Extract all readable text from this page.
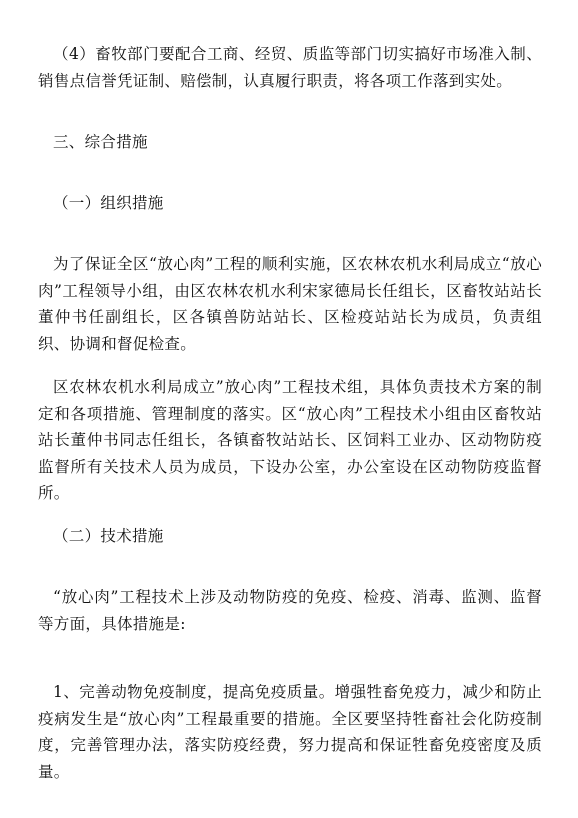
（4）畜牧部门要配合工商、经贸、质监等部门切实搞好市场准入制、销售点信誉凭证制、赔偿制，认真履行职责，将各项工作落到实处。

三、综合措施

（一）组织措施

为了保证全区“放心肉”工程的顺利实施，区农林农机水利局成立“放心肉”工程领导小组，由区农林农机水利宋家德局长任组长，区畜牧站站长董仲书任副组长，区各镇兽防站站长、区检疫站站长为成员，负责组织、协调和督促检查。

区农林农机水利局成立”放心肉”工程技术组，具体负责技术方案的制定和各项措施、管理制度的落实。区“放心肉”工程技术小组由区畜牧站站长董仲书同志任组长，各镇畜牧站站长、区饲料工业办、区动物防疫监督所有关技术人员为成员，下设办公室，办公室设在区动物防疫监督所。

（二）技术措施

“放心肉”工程技术上涉及动物防疫的免疫、检疫、消毒、监测、监督等方面，具体措施是:

1、完善动物免疫制度，提高免疫质量。增强牲畜免疫力，减少和防止疫病发生是“放心肉”工程最重要的措施。全区要坚持牲畜社会化防疫制度，完善管理办法，落实防疫经费，努力提高和保证牲畜免疫密度及质量。
